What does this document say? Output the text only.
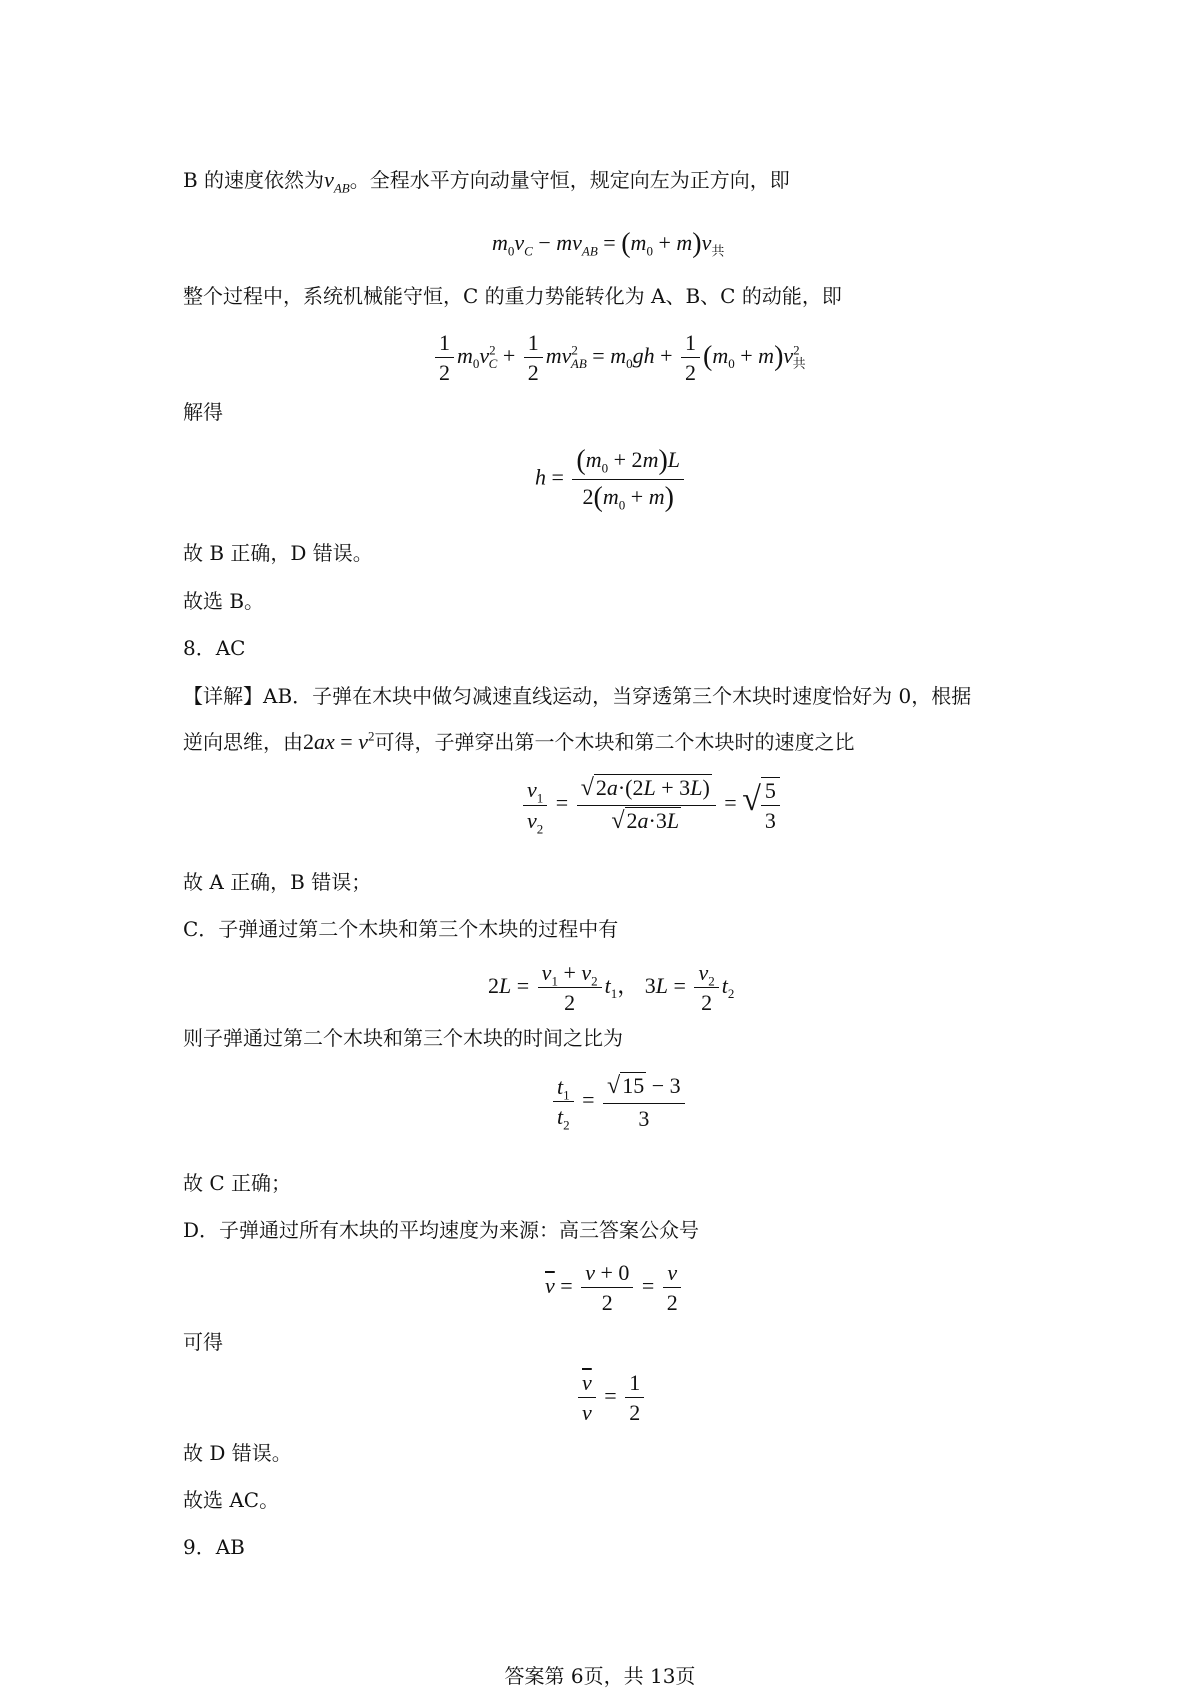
B 的速度依然为$v_{AB}$。全程水平方向动量守恒，规定向左为正方向，即
$m_0v_C - mv_{AB} = (m_0 + m)v_共$
整个过程中，系统机械能守恒，C 的重力势能转化为 A、B、C 的动能，即
$\frac{1}{2} m_0v^2_C + \frac{1}{2} mv^2_{AB} = m_0gh + \frac{1}{2} (m_0 + m)v^2_共$
解得
$h = \frac{(m_0 + 2m)L}{2(m_0 + m)}$
故 B 正确，D 错误。
故选 B。
8．AC
【详解】AB．子弹在木块中做匀减速直线运动，当穿透第三个木块时速度恰好为 0，根据
逆向思维，由$2ax = v^2$可得，子弹穿出第一个木块和第二个木块时的速度之比
$\frac{v_1}{v_2} = \frac{√2a\cdot(2L + 3L)}{√2a\cdot 3L}$ = √ $\frac{5}{3}$
故 A 正确，B 错误；
C．子弹通过第二个木块和第三个木块的过程中有
$2L = \frac{v_1 + v_2}{2} t_1$， $3L = \frac{v_2}{2} t_2$
则子弹通过第二个木块和第三个木块的时间之比为
$\frac{t_1}{t_2} = \frac{√15 - 3}{3}$
故 C 正确；
D．子弹通过所有木块的平均速度为来源：高三答案公众号
$\overline{v} = \frac{v + 0}{2} = \frac{v}{2}$
可得
$\frac{\overline{v}}{v} = \frac{1}{2}$
故 D 错误。
故选 AC。
9．AB
答案第 6页，共 13页
